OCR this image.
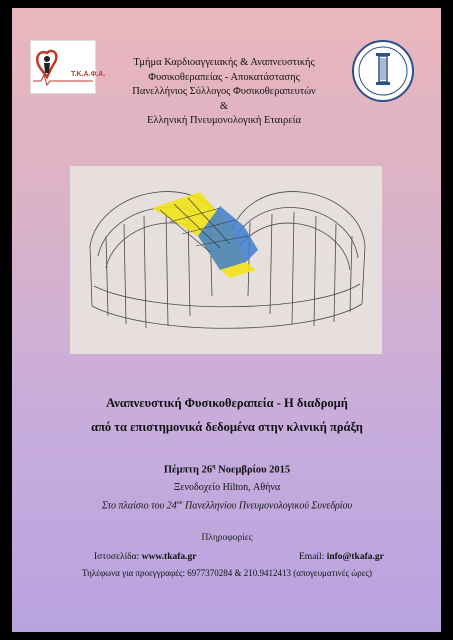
Τ.Κ.Α.Φ.Α.
Τμήμα Καρδιοαγγειακής & Αναπνευστικής
Φυσικοθεραπείας - Αποκατάστασης
Πανελλήνιος Σύλλογος Φυσικοθεραπευτών
&
Ελληνική Πνευμονολογική Εταιρεία
Αναπνευστική Φυσικοθεραπεία - Η διαδρομή
από τα επιστημονικά δεδομένα στην κλινική πράξη
Πέμπτη $26^\eta$ Νοεμβρίου 2015
Ξενοδοχείο Hilton, Αθήνα
Στο πλαίσιο του $24^{o\upsilon}$ Πανελληνίου Πνευμονολογικού Συνεδρίου
Πληροφορίες
Ιστοσελίδα: www.tkafa.gr	Email: info@tkafa.gr
Τηλέφωνα για προεγγραφές: 6977370284 & 210.9412413 (απογευματινές ώρες)
